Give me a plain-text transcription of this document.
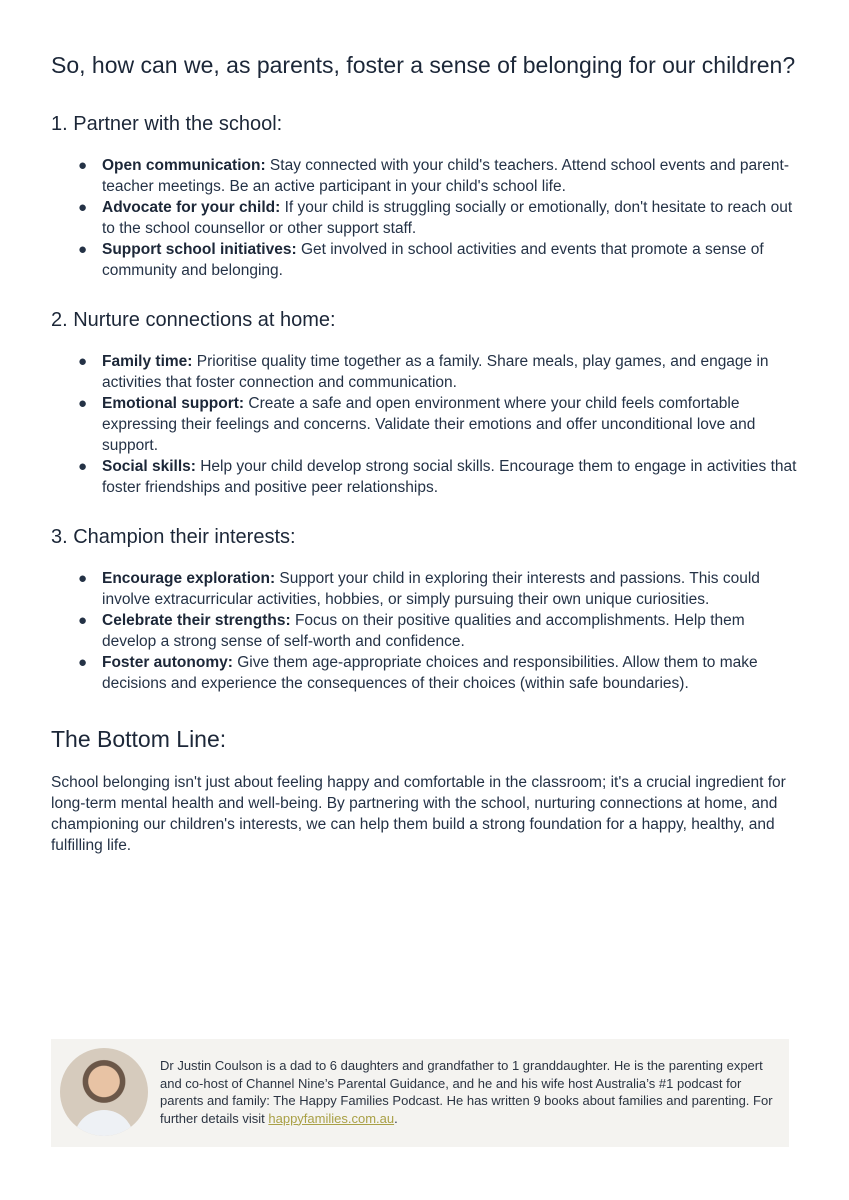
So, how can we, as parents, foster a sense of belonging for our children?
1. Partner with the school:
● Open communication: Stay connected with your child's teachers. Attend school events and parent-teacher meetings. Be an active participant in your child's school life.
● Advocate for your child: If your child is struggling socially or emotionally, don't hesitate to reach out to the school counsellor or other support staff.
● Support school initiatives: Get involved in school activities and events that promote a sense of community and belonging.
2. Nurture connections at home:
● Family time: Prioritise quality time together as a family. Share meals, play games, and engage in activities that foster connection and communication.
● Emotional support: Create a safe and open environment where your child feels comfortable expressing their feelings and concerns. Validate their emotions and offer unconditional love and support.
● Social skills: Help your child develop strong social skills. Encourage them to engage in activities that foster friendships and positive peer relationships.
3. Champion their interests:
● Encourage exploration: Support your child in exploring their interests and passions. This could involve extracurricular activities, hobbies, or simply pursuing their own unique curiosities.
● Celebrate their strengths: Focus on their positive qualities and accomplishments. Help them develop a strong sense of self-worth and confidence.
● Foster autonomy: Give them age-appropriate choices and responsibilities. Allow them to make decisions and experience the consequences of their choices (within safe boundaries).
The Bottom Line:

School belonging isn't just about feeling happy and comfortable in the classroom; it's a crucial ingredient for long-term mental health and well-being. By partnering with the school, nurturing connections at home, and championing our children's interests, we can help them build a strong foundation for a happy, healthy, and fulfilling life.

Dr Justin Coulson is a dad to 6 daughters and grandfather to 1 granddaughter. He is the parenting expert and co-host of Channel Nine’s Parental Guidance, and he and his wife host Australia’s #1 podcast for parents and family: The Happy Families Podcast. He has written 9 books about families and parenting. For further details visit happyfamilies.com.au.
